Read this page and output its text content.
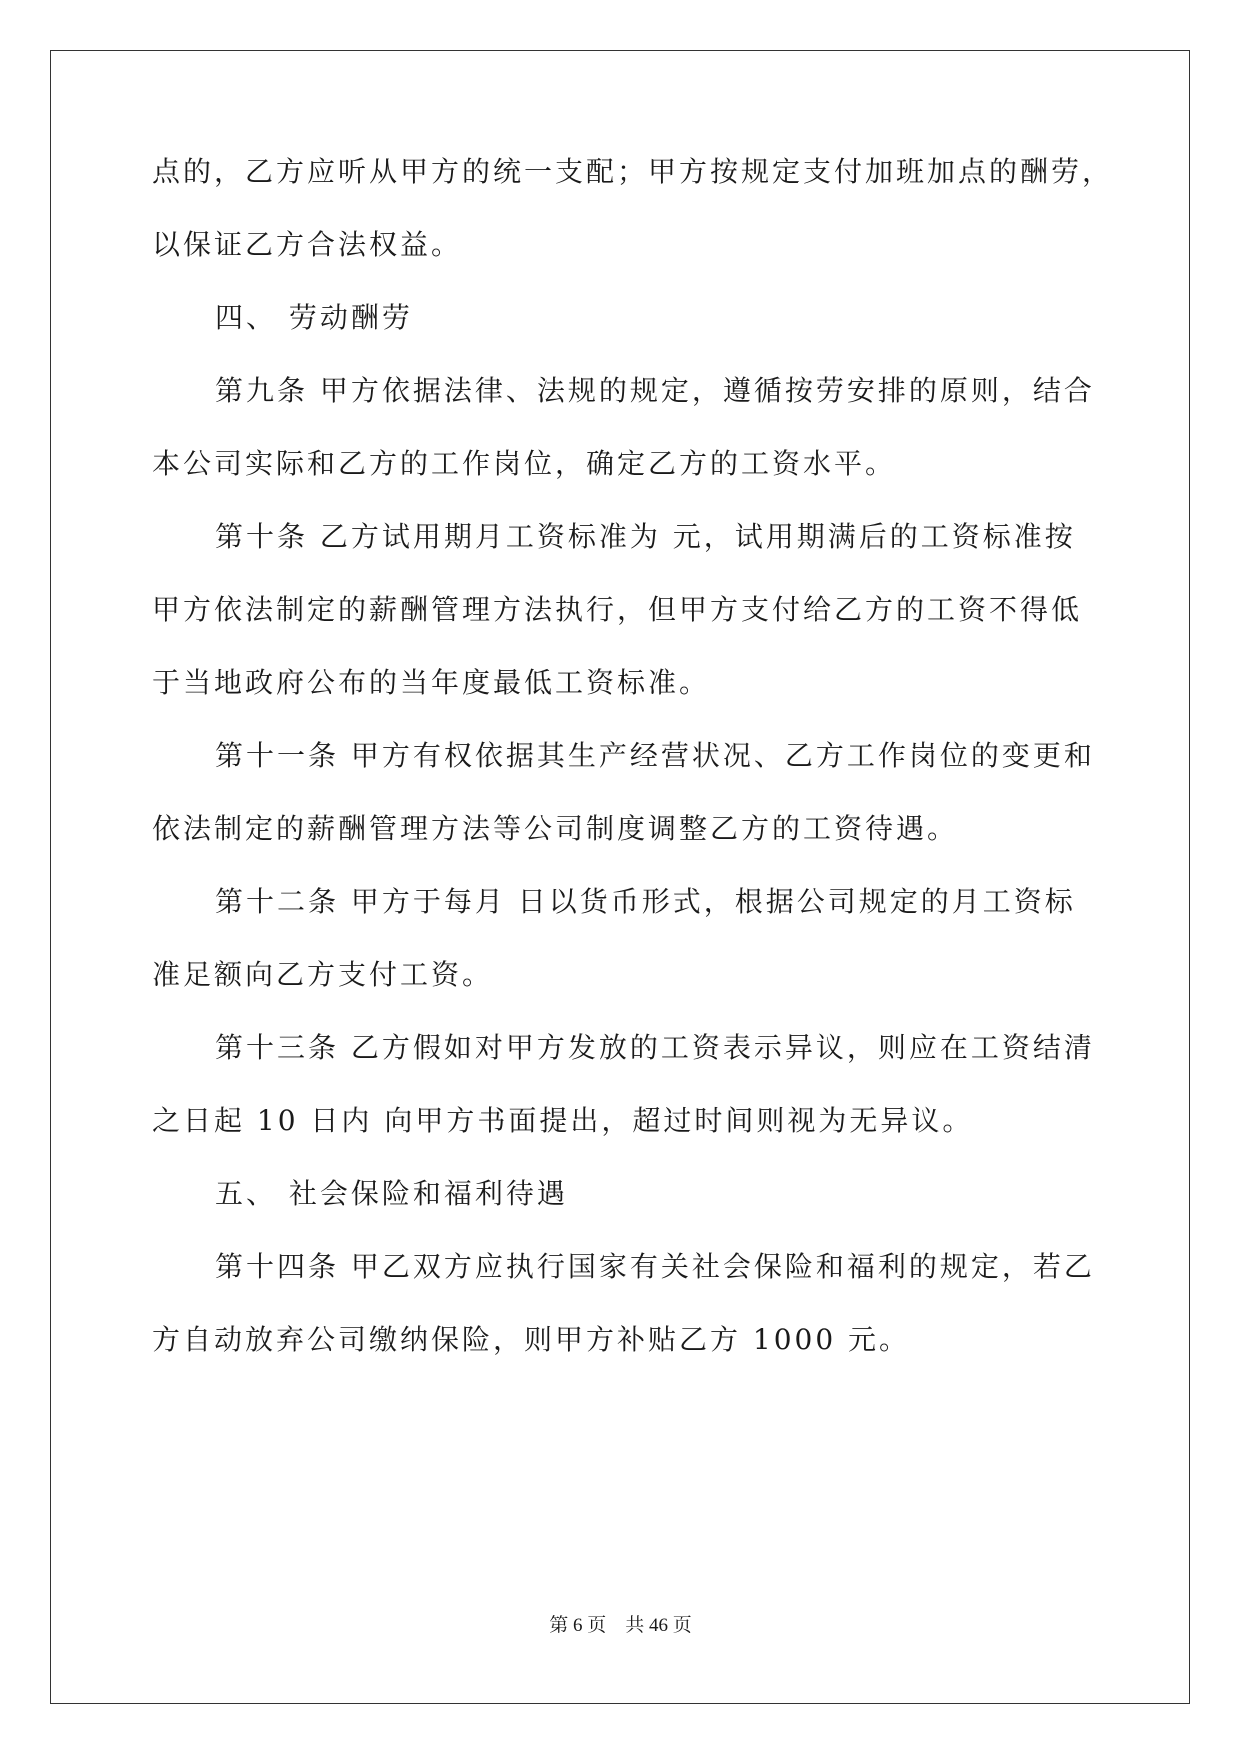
点的，乙方应听从甲方的统一支配；甲方按规定支付加班加点的酬劳，
以保证乙方合法权益。
四、 劳动酬劳
第九条 甲方依据法律、法规的规定，遵循按劳安排的原则，结合
本公司实际和乙方的工作岗位，确定乙方的工资水平。
第十条 乙方试用期月工资标准为 元，试用期满后的工资标准按
甲方依法制定的薪酬管理方法执行，但甲方支付给乙方的工资不得低
于当地政府公布的当年度最低工资标准。
第十一条 甲方有权依据其生产经营状况、乙方工作岗位的变更和
依法制定的薪酬管理方法等公司制度调整乙方的工资待遇。
第十二条 甲方于每月 日以货币形式，根据公司规定的月工资标
准足额向乙方支付工资。
第十三条 乙方假如对甲方发放的工资表示异议，则应在工资结清
之日起 10 日内 向甲方书面提出，超过时间则视为无异议。
五、 社会保险和福利待遇
第十四条 甲乙双方应执行国家有关社会保险和福利的规定，若乙
方自动放弃公司缴纳保险，则甲方补贴乙方 1000 元。
第 6 页 共 46 页
